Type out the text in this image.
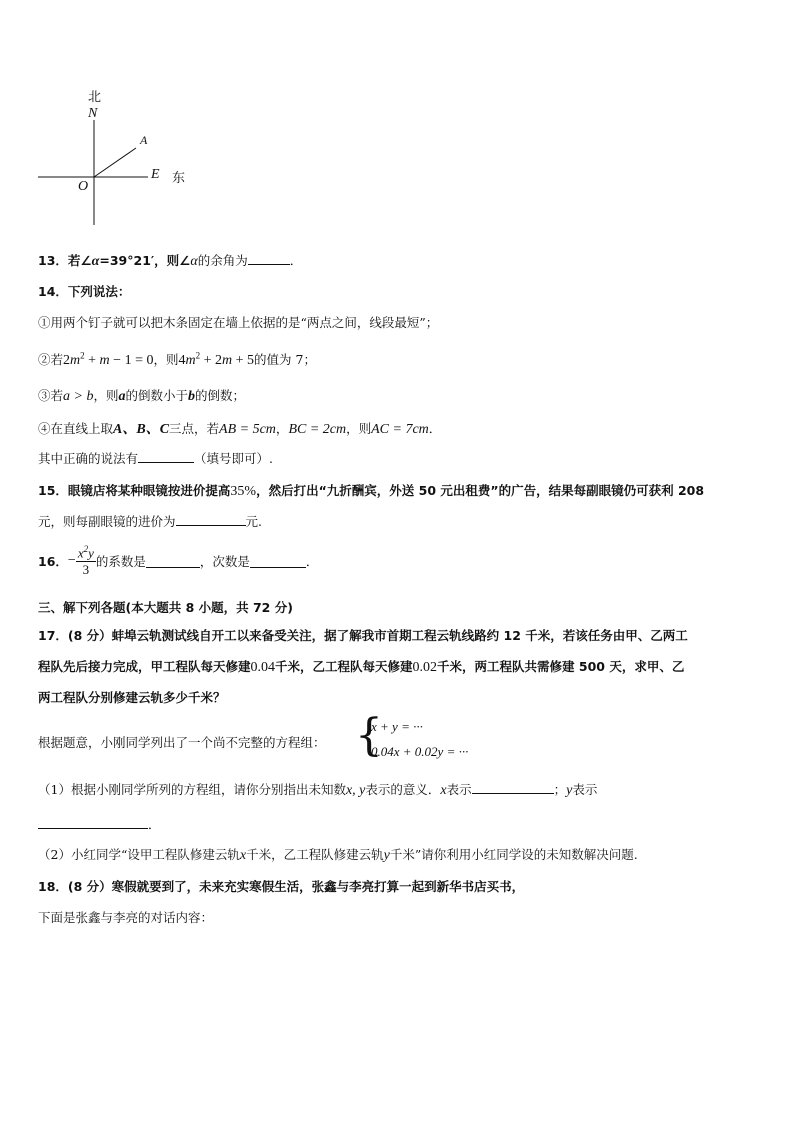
北
N
A
E 东
O
13．若∠α=39°21′，则∠α的余角为	．
14．下列说法：
①用两个钉子就可以把木条固定在墙上依据的是“两点之间，线段最短”；
②若$2m^2 + m - 1 = 0$，则$4m^2 + 2m + 5$的值为 7；
③若a > b，则a的倒数小于b的倒数；
④在直线上取A、B、C三点，若AB = 5cm，BC = 2cm，则AC = 7cm．
其中正确的说法有	（填号即可）.
15．眼镜店将某种眼镜按进价提高35%，然后打出“九折酬宾，外送 50 元出租费”的广告，结果每副眼镜仍可获利 208
元，则每副眼镜的进价为	元.
16．− $\frac{x^2y}{3}$ 的系数是	，次数是	．
三、解下列各题(本大题共 8 小题，共 72 分)
17．(8 分）蚌埠云轨测试线自开工以来备受关注，据了解我市首期工程云轨线路约 12 千米，若该任务由甲、乙两工
程队先后接力完成，甲工程队每天修建0.04千米，乙工程队每天修建0.02千米，两工程队共需修建 500 天，求甲、乙
两工程队分别修建云轨多少千米？
根据题意，小刚同学列出了一个尚不完整的方程组： {
x + y = ···
0.04x + 0.02y = ···
（1）根据小刚同学所列的方程组，请你分别指出未知数x, y表示的意义．x表示	；y表示
．
（2）小红同学“设甲工程队修建云轨x千米，乙工程队修建云轨y千米”请你利用小红同学设的未知数解决问题.
18．(8 分）寒假就要到了，未来充实寒假生活，张鑫与李亮打算一起到新华书店买书，
下面是张鑫与李亮的对话内容：
